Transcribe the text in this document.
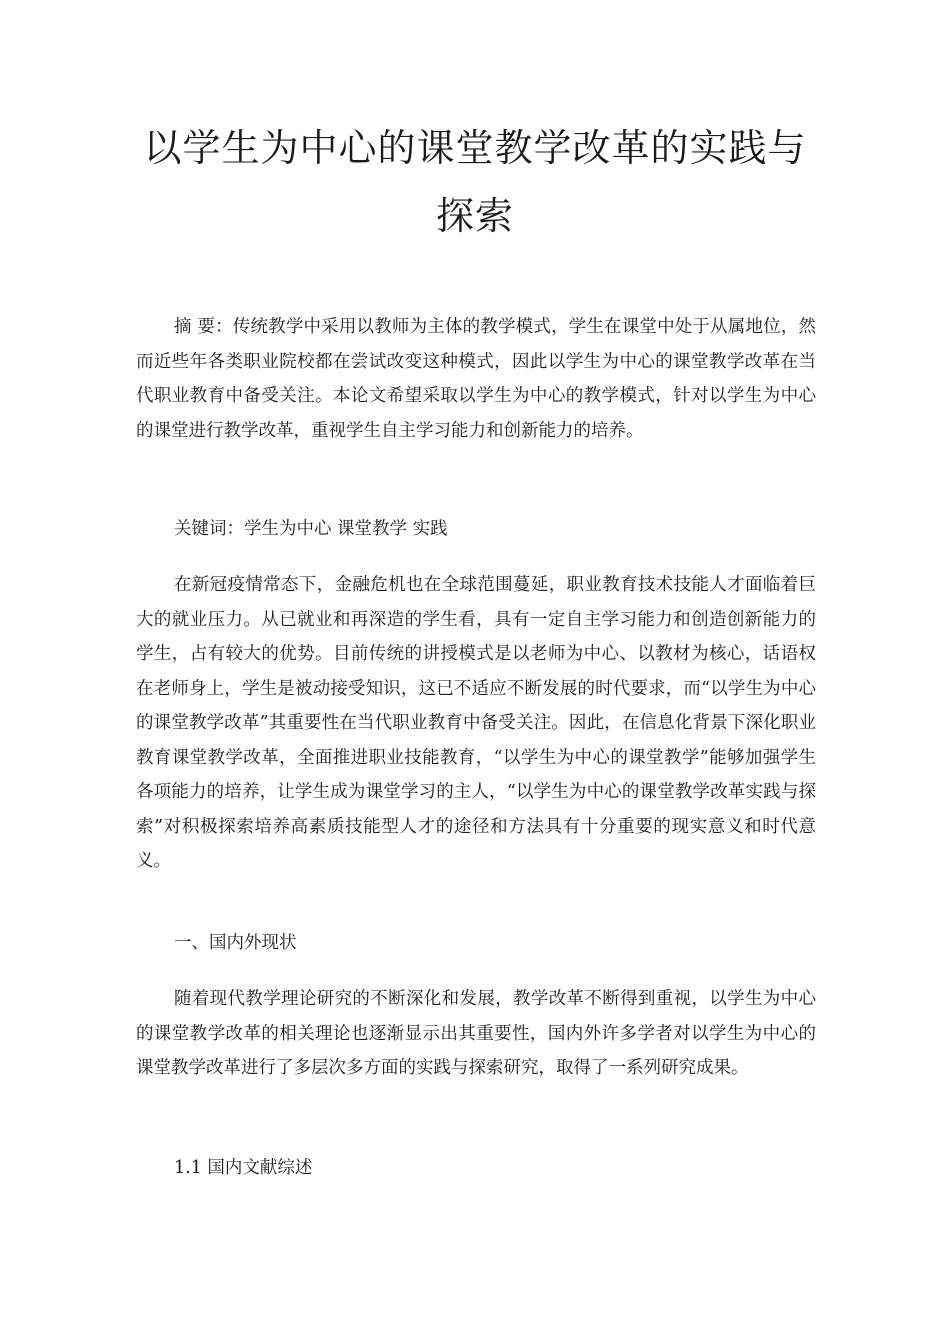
以学生为中心的课堂教学改革的实践与
探索

摘 要：传统教学中采用以教师为主体的教学模式，学生在课堂中处于从属地位，然而近些年各类职业院校都在尝试改变这种模式，因此以学生为中心的课堂教学改革在当代职业教育中备受关注。本论文希望采取以学生为中心的教学模式，针对以学生为中心的课堂进行教学改革，重视学生自主学习能力和创新能力的培养。

关键词：学生为中心 课堂教学 实践

在新冠疫情常态下，金融危机也在全球范围蔓延，职业教育技术技能人才面临着巨大的就业压力。从已就业和再深造的学生看，具有一定自主学习能力和创造创新能力的学生，占有较大的优势。目前传统的讲授模式是以老师为中心、以教材为核心，话语权在老师身上，学生是被动接受知识，这已不适应不断发展的时代要求，而“以学生为中心的课堂教学改革”其重要性在当代职业教育中备受关注。因此，在信息化背景下深化职业教育课堂教学改革，全面推进职业技能教育，“以学生为中心的课堂教学”能够加强学生各项能力的培养，让学生成为课堂学习的主人，“以学生为中心的课堂教学改革实践与探索”对积极探索培养高素质技能型人才的途径和方法具有十分重要的现实意义和时代意义。

一、国内外现状

随着现代教学理论研究的不断深化和发展，教学改革不断得到重视，以学生为中心的课堂教学改革的相关理论也逐渐显示出其重要性，国内外许多学者对以学生为中心的课堂教学改革进行了多层次多方面的实践与探索研究，取得了一系列研究成果。

1.1 国内文献综述
